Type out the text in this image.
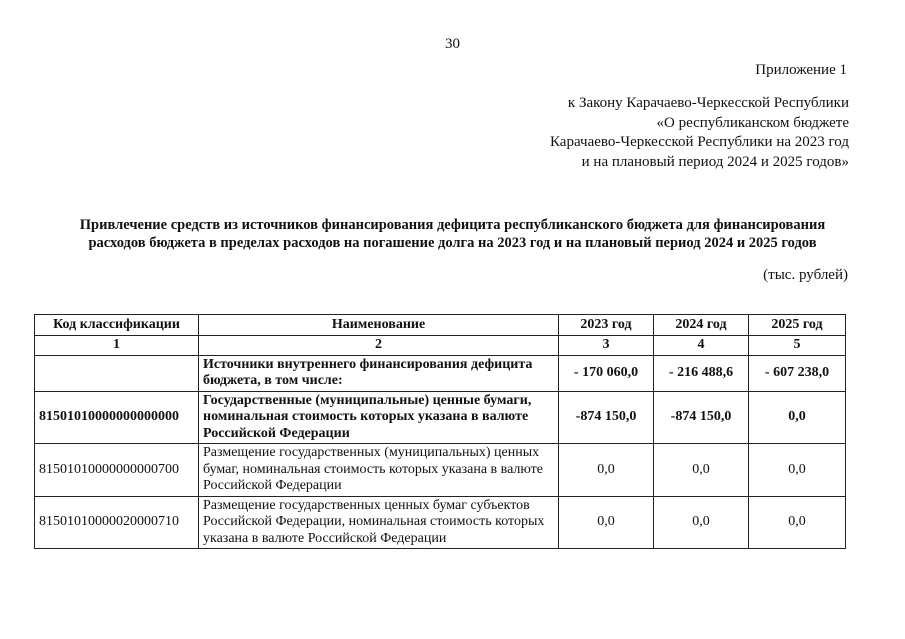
30
Приложение 1
к Закону Карачаево-Черкесской Республики
«О республиканском бюджете
Карачаево-Черкесской Республики на 2023 год
и на плановый период 2024 и 2025 годов»
Привлечение средств из источников финансирования дефицита республиканского бюджета для финансирования
расходов бюджета в пределах расходов на погашение долга на 2023 год и на плановый период 2024 и 2025 годов
(тыс. рублей)
Код классификации	Наименование	2023 год	2024 год	2025 год
1	2	3	4	5
	Источники внутреннего финансирования дефицита бюджета, в том числе:	- 170 060,0	- 216 488,6	- 607 238,0
81501010000000000000	Государственные (муниципальные) ценные бумаги, номинальная стоимость которых указана в валюте Российской Федерации	-874 150,0	-874 150,0	0,0
81501010000000000700	Размещение государственных (муниципальных) ценных бумаг, номинальная стоимость которых указана в валюте Российской Федерации	0,0	0,0	0,0
81501010000020000710	Размещение государственных ценных бумаг субъектов Российской Федерации, номинальная стоимость которых указана в валюте Российской Федерации	0,0	0,0	0,0
